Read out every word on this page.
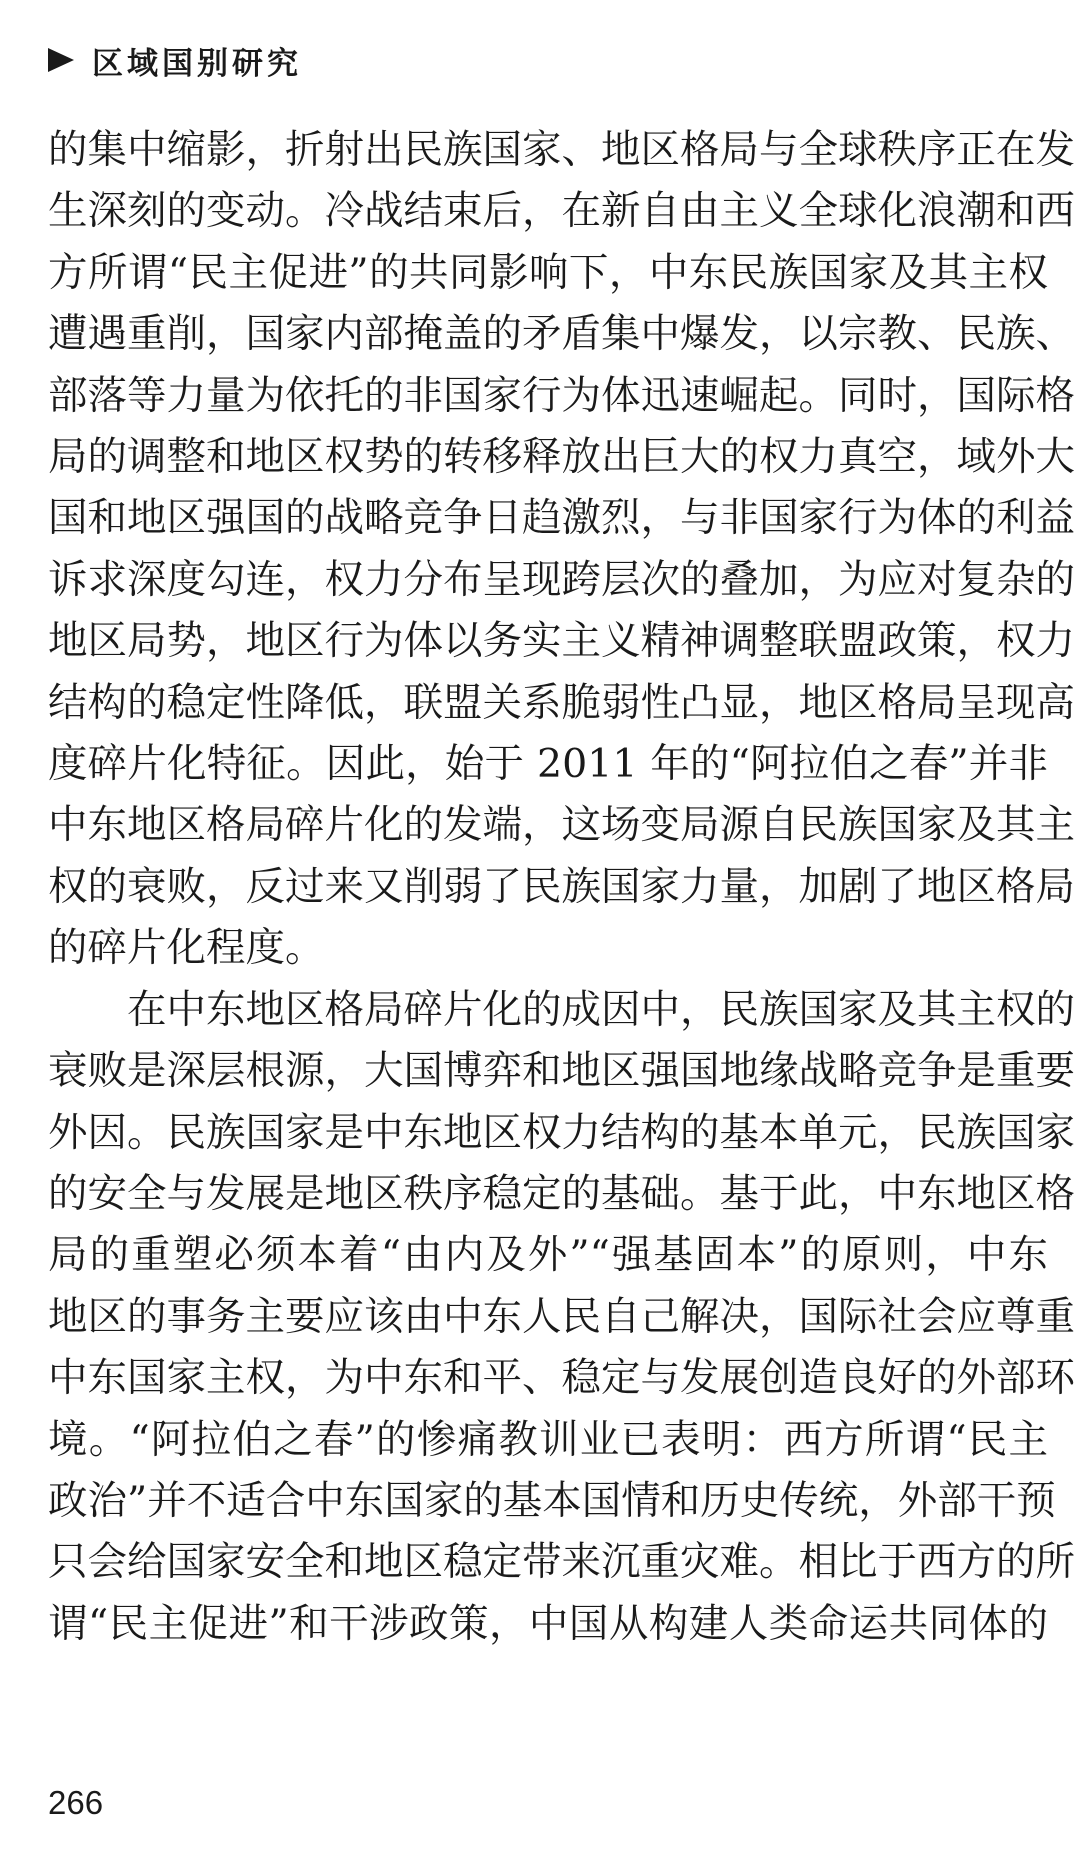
区域国别研究

的集中缩影，折射出民族国家、地区格局与全球秩序正在发
生深刻的变动。冷战结束后，在新自由主义全球化浪潮和西
方所谓“民主促进”的共同影响下，中东民族国家及其主权
遭遇重削，国家内部掩盖的矛盾集中爆发，以宗教、民族、
部落等力量为依托的非国家行为体迅速崛起。同时，国际格
局的调整和地区权势的转移释放出巨大的权力真空，域外大
国和地区强国的战略竞争日趋激烈，与非国家行为体的利益
诉求深度勾连，权力分布呈现跨层次的叠加，为应对复杂的
地区局势，地区行为体以务实主义精神调整联盟政策，权力
结构的稳定性降低，联盟关系脆弱性凸显，地区格局呈现高
度碎片化特征。因此，始于 2011 年的“阿拉伯之春”并非
中东地区格局碎片化的发端，这场变局源自民族国家及其主
权的衰败，反过来又削弱了民族国家力量，加剧了地区格局
的碎片化程度。

在中东地区格局碎片化的成因中，民族国家及其主权的
衰败是深层根源，大国博弈和地区强国地缘战略竞争是重要
外因。民族国家是中东地区权力结构的基本单元，民族国家
的安全与发展是地区秩序稳定的基础。基于此，中东地区格
局的重塑必须本着“由内及外”“强基固本”的原则，中东
地区的事务主要应该由中东人民自己解决，国际社会应尊重
中东国家主权，为中东和平、稳定与发展创造良好的外部环
境。“阿拉伯之春”的惨痛教训业已表明：西方所谓“民主
政治”并不适合中东国家的基本国情和历史传统，外部干预
只会给国家安全和地区稳定带来沉重灾难。相比于西方的所
谓“民主促进”和干涉政策，中国从构建人类命运共同体的

266
